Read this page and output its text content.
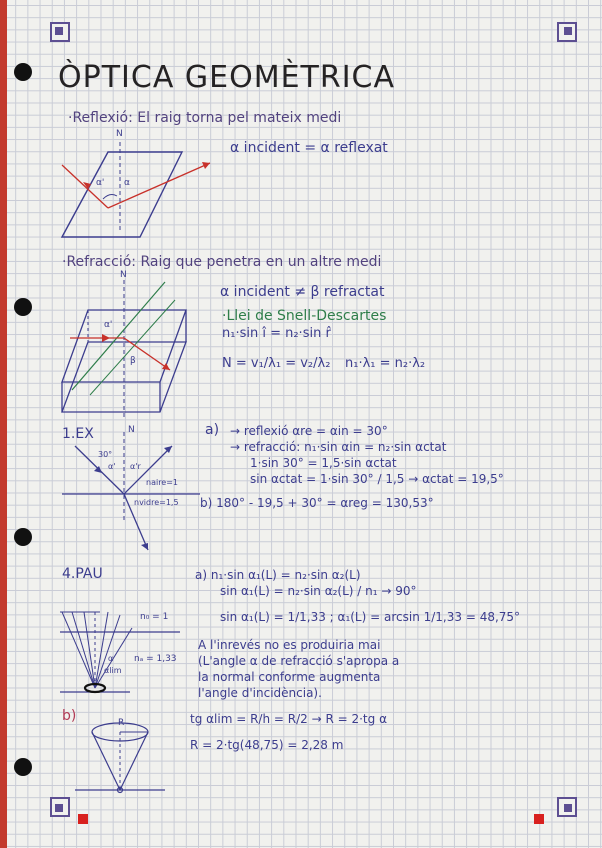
ÒPTICA GEOMÈTRICA
·Reflexió: El raig torna pel mateix medi
α incident = α reflexat
N
α' α
·Refracció: Raig que penetra en un altre medi
α incident ≠ β refractat
·Llei de Snell-Descartes
n₁·sin î = n₂·sin r̂
N = v₁/λ₁ = v₂/λ₂ n₁·λ₁ = n₂·λ₂
N
α'
β
1.EX	N
30°
α' α'r
naire=1
nvidre=1,5
a) → reflexió αre = αin = 30°
→ refracció: n₁·sin αin = n₂·sin αctat
1·sin 30° = 1,5·sin αctat
sin αctat = 1·sin 30° / 1,5 → αctat = 19,5°
b) 180° - 19,5 + 30° = αreg = 130,53°
4.PAU
n₀ = 1
nₐ = 1,33
α
αlim
a) n₁·sin α₁(L) = n₂·sin α₂(L)
sin α₁(L) = n₂·sin α₂(L) / n₁ → 90°
sin α₁(L) = 1/1,33 ; α₁(L) = arcsin 1/1,33 = 48,75°
A l'inrevés no es produiria mai
(L'angle α de refracció s'apropa a
la normal conforme augmenta
l'angle d'incidència).
b)	R	tg αlim = R/h = R/2 → R = 2·tg α
R = 2·tg(48,75) = 2,28 m
